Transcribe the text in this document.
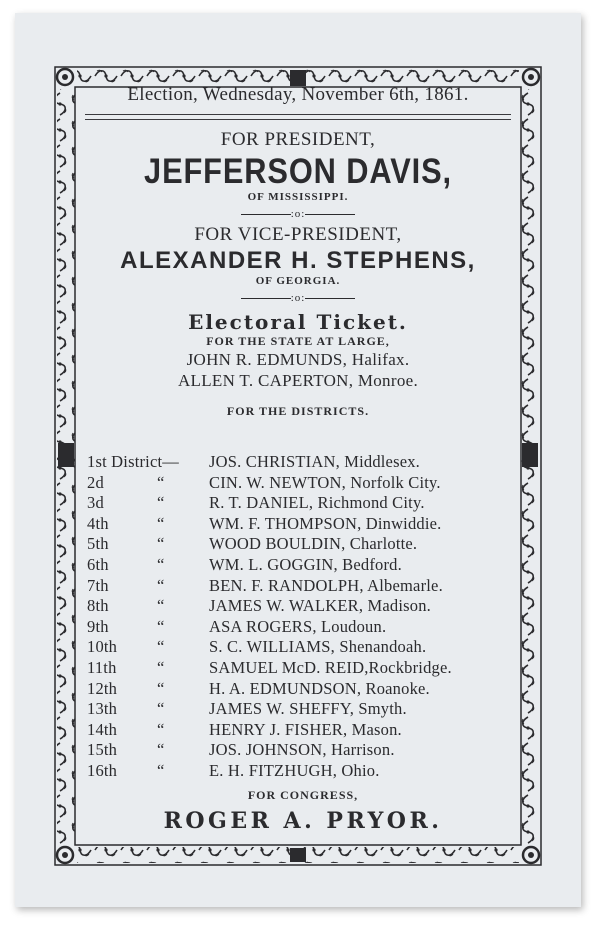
Election, Wednesday, November 6th, 1861.
FOR PRESIDENT,
JEFFERSON DAVIS,
OF MISSISSIPPI.
:o:
FOR VICE-PRESIDENT,
ALEXANDER H. STEPHENS,
OF GEORGIA.
:o:
Electoral Ticket.
FOR THE STATE AT LARGE,
JOHN R. EDMUNDS, Halifax.
ALLEN T. CAPERTON, Monroe.
FOR THE DISTRICTS.
1st District—	JOS. CHRISTIAN, Middlesex.
2d	“	CIN. W. NEWTON, Norfolk City.
3d	“	R. T. DANIEL, Richmond City.
4th	“	WM. F. THOMPSON, Dinwiddie.
5th	“	WOOD BOULDIN, Charlotte.
6th	“	WM. L. GOGGIN, Bedford.
7th	“	BEN. F. RANDOLPH, Albemarle.
8th	“	JAMES W. WALKER, Madison.
9th	“	ASA ROGERS, Loudoun.
10th	“	S. C. WILLIAMS, Shenandoah.
11th	“	SAMUEL McD. REID,Rockbridge.
12th	“	H. A. EDMUNDSON, Roanoke.
13th	“	JAMES W. SHEFFY, Smyth.
14th	“	HENRY J. FISHER, Mason.
15th	“	JOS. JOHNSON, Harrison.
16th	“	E. H. FITZHUGH, Ohio.
FOR CONGRESS,
ROGER A. PRYOR.
